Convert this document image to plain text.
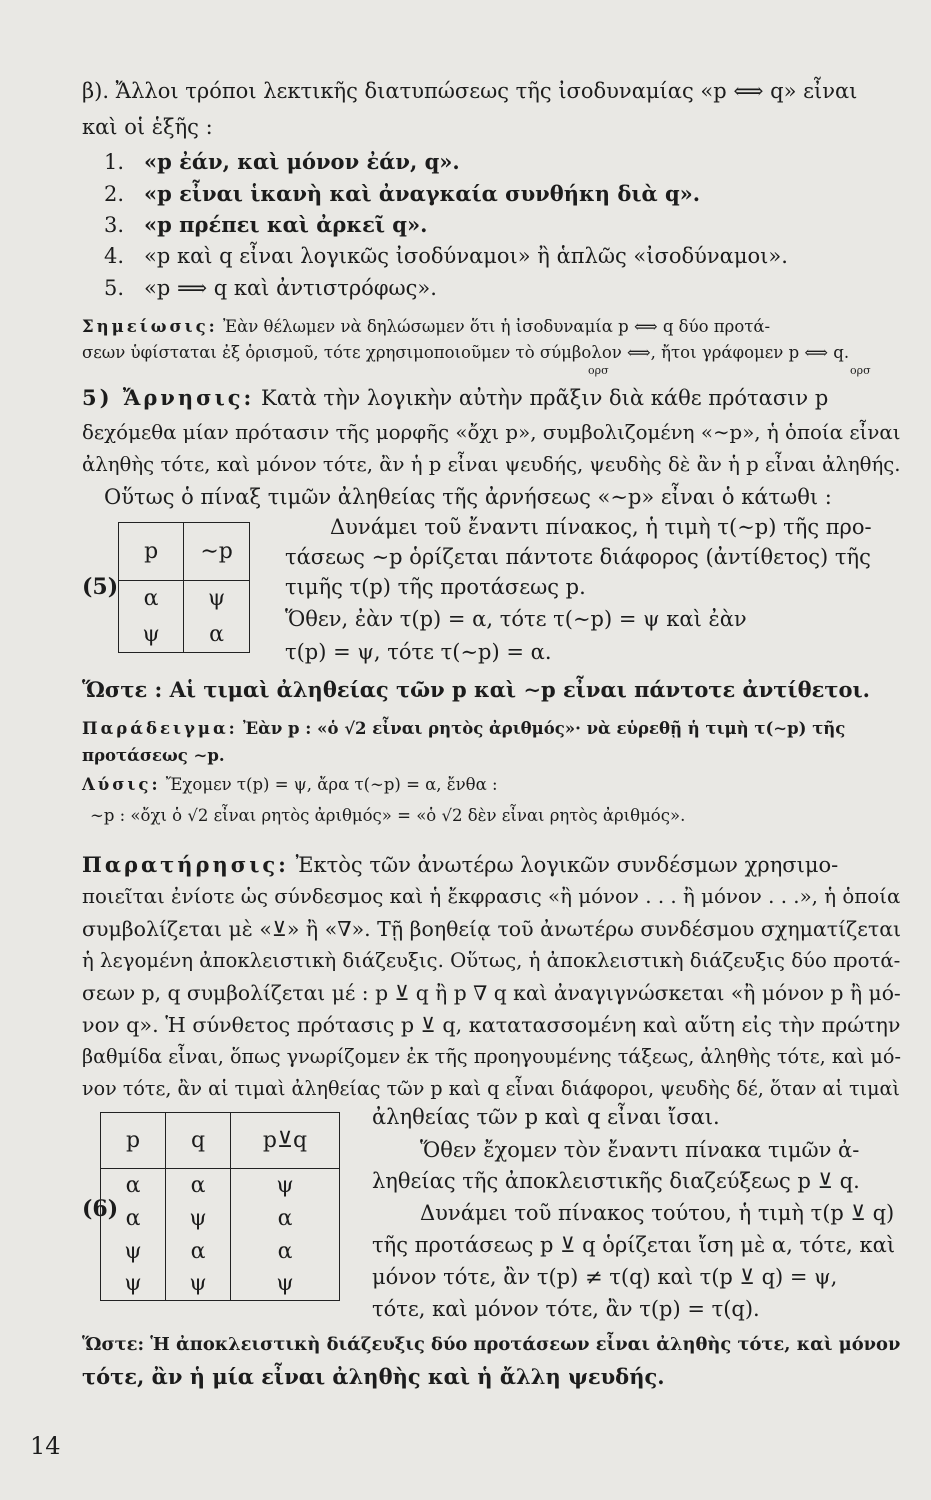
β). Ἄλλοι τρόποι λεκτικῆς διατυπώσεως τῆς ἰσοδυναμίας «p ⟺ q» εἶναι
καὶ οἱ ἑξῆς :
1. «p ἐάν, καὶ μόνον ἐάν, q».
2. «p εἶναι ἱκανὴ καὶ ἀναγκαία συνθήκη διὰ q».
3. «p πρέπει καὶ ἀρκεῖ q».
4. «p καὶ q εἶναι λογικῶς ἰσοδύναμοι» ἢ ἁπλῶς «ἰσοδύναμοι».
5. «p ⟹ q καὶ ἀντιστρόφως».
Σημείωσις: Ἐὰν θέλωμεν νὰ δηλώσωμεν ὅτι ἡ ἰσοδυναμία p ⟺ q δύο προτά-
σεων ὑφίσταται ἐξ ὁρισμοῦ, τότε χρησιμοποιοῦμεν τὸ σύμβολον ⟺, ἤτοι γράφομεν p ⟺ q.
ορσ	ορσ
5) Ἄρνησις: Κατὰ τὴν λογικὴν αὐτὴν πρᾶξιν διὰ κάθε πρότασιν p
δεχόμεθα μίαν πρότασιν τῆς μορφῆς «ὄχι p», συμβολιζομένη «∼p», ἡ ὁποία εἶναι
ἀληθὴς τότε, καὶ μόνον τότε, ἂν ἡ p εἶναι ψευδής, ψευδὴς δὲ ἂν ἡ p εἶναι ἀληθής.
Οὕτως ὁ πίναξ τιμῶν ἀληθείας τῆς ἀρνήσεως «∼p» εἶναι ὁ κάτωθι :
(5)
p	∼p
α	ψ
ψ	α
Δυνάμει τοῦ ἔναντι πίνακος, ἡ τιμὴ τ(∼p) τῆς προ-
τάσεως ∼p ὁρίζεται πάντοτε διάφορος (ἀντίθετος) τῆς
τιμῆς τ(p) τῆς προτάσεως p.
Ὅθεν, ἐὰν τ(p) = α, τότε τ(∼p) = ψ καὶ ἐὰν
τ(p) = ψ, τότε τ(∼p) = α.
Ὥστε : Αἱ τιμαὶ ἀληθείας τῶν p καὶ ∼p εἶναι πάντοτε ἀντίθετοι.
Παράδειγμα: Ἐὰν p : «ὁ √2 εἶναι ρητὸς ἀριθμός»· νὰ εὑρεθῇ ἡ τιμὴ τ(∼p) τῆς
προτάσεως ∼p.
Λύσις: Ἔχομεν τ(p) = ψ, ἄρα τ(∼p) = α, ἔνθα :
∼p : «ὄχι ὁ √2 εἶναι ρητὸς ἀριθμός» = «ὁ √2 δὲν εἶναι ρητὸς ἀριθμός».
Παρατήρησις: Ἐκτὸς τῶν ἀνωτέρω λογικῶν συνδέσμων χρησιμο-
ποιεῖται ἐνίοτε ὡς σύνδεσμος καὶ ἡ ἔκφρασις «ἢ μόνον . . . ἢ μόνον . . .», ἡ ὁποία
συμβολίζεται μὲ «⊻» ἢ «∇». Τῇ βοηθείᾳ τοῦ ἀνωτέρω συνδέσμου σχηματίζεται
ἡ λεγομένη ἀποκλειστικὴ διάζευξις. Οὕτως, ἡ ἀποκλειστικὴ διάζευξις δύο προτά-
σεων p, q συμβολίζεται μέ : p ⊻ q ἢ p ∇ q καὶ ἀναγιγνώσκεται «ἢ μόνον p ἢ μό-
νον q». Ἡ σύνθετος πρότασις p ⊻ q, κατατασσομένη καὶ αὕτη εἰς τὴν πρώτην
βαθμίδα εἶναι, ὅπως γνωρίζομεν ἐκ τῆς προηγουμένης τάξεως, ἀληθὴς τότε, καὶ μό-
νον τότε, ἂν αἱ τιμαὶ ἀληθείας τῶν p καὶ q εἶναι διάφοροι, ψευδὴς δέ, ὅταν αἱ τιμαὶ
(6)
p	q	p⊻q
α	α	ψ
α	ψ	α
ψ	α	α
ψ	ψ	ψ
ἀληθείας τῶν p καὶ q εἶναι ἴσαι.
Ὅθεν ἔχομεν τὸν ἔναντι πίνακα τιμῶν ἀ-
ληθείας τῆς ἀποκλειστικῆς διαζεύξεως p ⊻ q.
Δυνάμει τοῦ πίνακος τούτου, ἡ τιμὴ τ(p ⊻ q)
τῆς προτάσεως p ⊻ q ὁρίζεται ἴση μὲ α, τότε, καὶ
μόνον τότε, ἂν τ(p) ≠ τ(q) καὶ τ(p ⊻ q) = ψ,
τότε, καὶ μόνον τότε, ἂν τ(p) = τ(q).
Ὥστε: Ἡ ἀποκλειστικὴ διάζευξις δύο προτάσεων εἶναι ἀληθὴς τότε, καὶ μόνον
τότε, ἂν ἡ μία εἶναι ἀληθὴς καὶ ἡ ἄλλη ψευδής.
14
